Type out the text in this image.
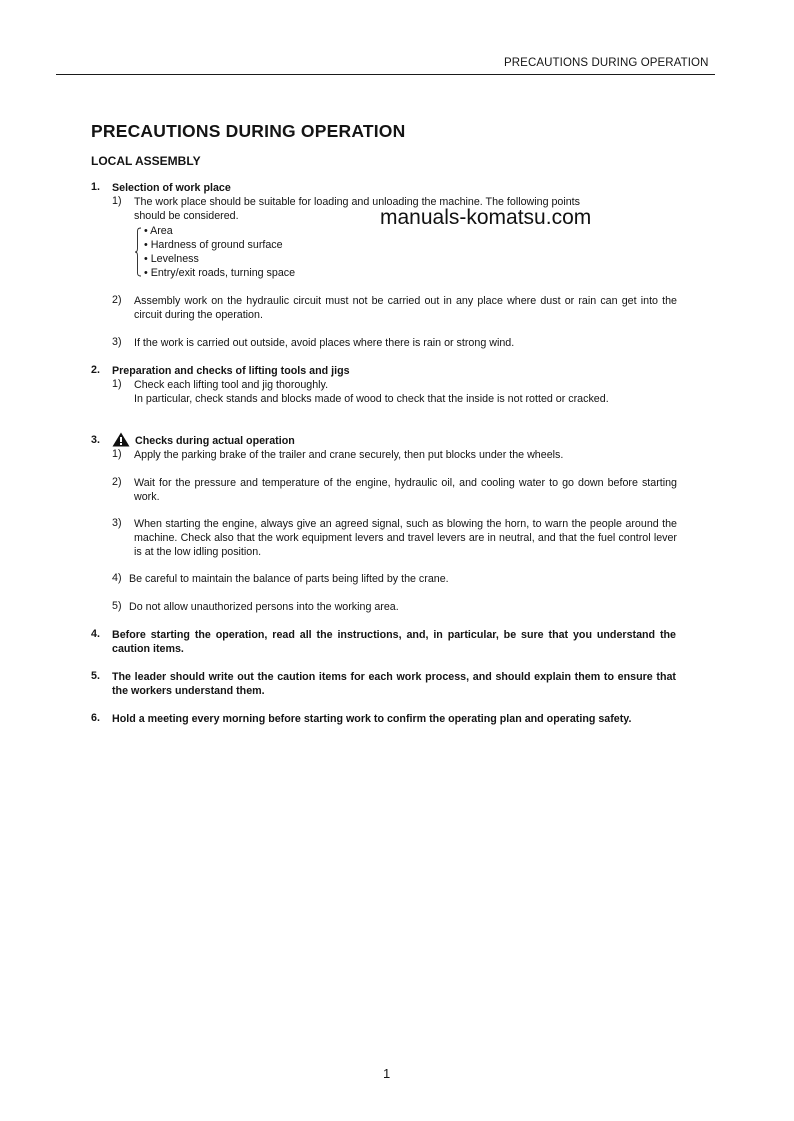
PRECAUTIONS DURING OPERATION
PRECAUTIONS DURING OPERATION
LOCAL ASSEMBLY
manuals-komatsu.com
1. Selection of work place
1) The work place should be suitable for loading and unloading the machine. The following points
should be considered.
• Area
• Hardness of ground surface
• Levelness
• Entry/exit roads, turning space
2) Assembly work on the hydraulic circuit must not be carried out in any place where dust or rain can get into the circuit during the operation.
3) If the work is carried out outside, avoid places where there is rain or strong wind.
2. Preparation and checks of lifting tools and jigs
1) Check each lifting tool and jig thoroughly.
In particular, check stands and blocks made of wood to check that the inside is not rotted or cracked.
3.	Checks during actual operation
1) Apply the parking brake of the trailer and crane securely, then put blocks under the wheels.
2) Wait for the pressure and temperature of the engine, hydraulic oil, and cooling water to go down before starting work.
3) When starting the engine, always give an agreed signal, such as blowing the horn, to warn the people around the machine. Check also that the work equipment levers and travel levers are in neutral, and that the fuel control lever is at the low idling position.
4) Be careful to maintain the balance of parts being lifted by the crane.
5) Do not allow unauthorized persons into the working area.
4. Before starting the operation, read all the instructions, and, in particular, be sure that you understand the caution items.
5. The leader should write out the caution items for each work process, and should explain them to ensure that the workers understand them.
6. Hold a meeting every morning before starting work to confirm the operating plan and operating safety.
1
